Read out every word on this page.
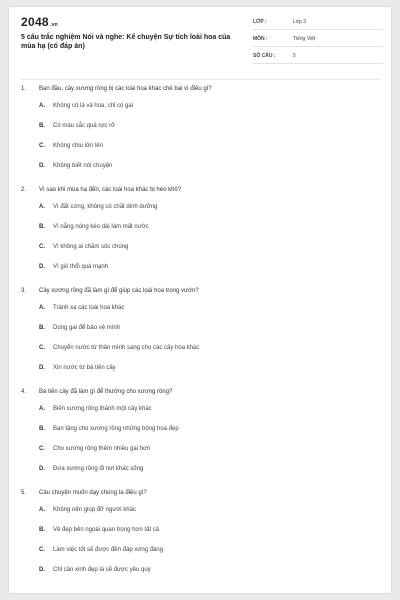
2048.vn
5 câu trắc nghiệm Nói và nghe: Kể chuyện Sự tích loài hoa của mùa hạ (có đáp án)
LỚP :	Lớp 3
MÔN :	Tiếng Việt
SỐ CÂU :	5
1.	Ban đầu, cây xương rồng bị các loài hoa khác chê bai vì điều gì?
A.	Không có lá và hoa, chỉ có gai
B.	Có màu sắc quá rực rỡ
C.	Không chịu lớn lên
D.	Không biết nói chuyện
2.	Vì sao khi mùa hạ đến, các loài hoa khác bị héo khô?
A.	Vì đất cứng, không có chất dinh dưỡng
B.	Vì nắng nóng kéo dài làm mất nước
C.	Vì không ai chăm sóc chúng
D.	Vì gió thổi quá mạnh
3.	Cây xương rồng đã làm gì để giúp các loài hoa trong vườn?
A.	Tránh xa các loài hoa khác
B.	Dùng gai để bảo vệ mình
C.	Chuyển nước từ thân mình sang cho các cây hoa khác
D.	Xin nước từ bà tiên cây
4.	Bà tiên cây đã làm gì để thưởng cho xương rồng?
A.	Biến xương rồng thành một cây khác
B.	Ban tặng cho xương rồng những bông hoa đẹp
C.	Cho xương rồng thêm nhiều gai hơn
D.	Đưa xương rồng đi nơi khác sống
5.	Câu chuyện muốn dạy chúng ta điều gì?
A.	Không nên giúp đỡ người khác
B.	Vẻ đẹp bên ngoài quan trọng hơn tất cả
C.	Làm việc tốt sẽ được đền đáp xứng đáng
D.	Chỉ cần xinh đẹp là sẽ được yêu quý
